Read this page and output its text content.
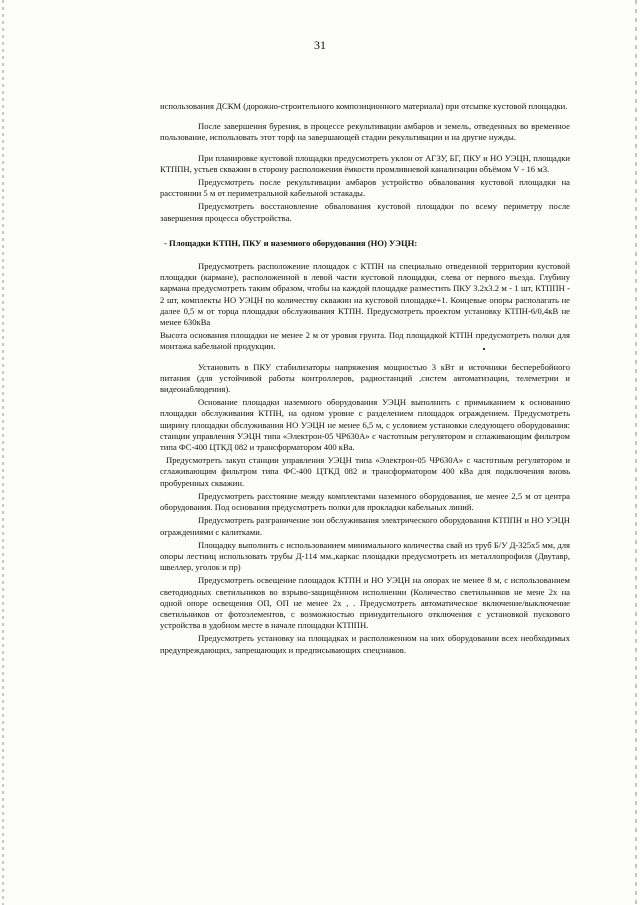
31

использования ДСКМ (дорожно-строительного композиционного материала) при отсыпке кустовой площадки.

После завершения бурения, в процессе рекультивации амбаров и земель, отведенных во временное пользование, использовать этот торф на завершающей стадии рекультивации и на другие нужды.

При планировке кустовой площадки предусмотреть уклон от АГЗУ, БГ, ПКУ и НО УЭЦН, площадки КТППН, устьев скважин в сторону расположения ёмкости промливневой канализации объёмом V - 16 м3.

Предусмотреть после рекультивации амбаров устройство обвалования кустовой площадки на расстоянии 5 м от периметральной кабельной эстакады.

Предусмотреть восстановление обвалования кустовой площадки по всему периметру после завершения процесса обустройства.

- Площадки КТПН, ПКУ и наземного оборудования (НО) УЭЦН:

Предусмотреть расположение площадок с КТПН на специально отведенной территории кустовой площадки (кармане), расположенной в левой части кустовой площадки, слева от первого въезда. Глубину кармана предусмотреть таким образом, чтобы на каждой площадке разместить ПКУ 3.2х3.2 м - 1 шт, КТППН - 2 шт, комплекты НО УЭЦН по количеству скважин на кустовой площадке+1. Концевые опоры располагать не далее 0,5 м от торца площадки обслуживания КТПН. Предусмотреть проектом установку КТПН-6/0,4кВ не менее 630кВа

Высота основания площадки не менее 2 м от уровня грунта. Под площадкой КТПН предусмотреть полки для монтажа кабельной продукции.

Установить в ПКУ стабилизаторы напряжения мощностью 3 кВт и источники бесперебойного питания (для устойчивой работы контроллеров, радиостанций ,систем автоматизации, телеметрии и видеонаблюдения).

Основание площадки наземного оборудования УЭЦН выполнить с примыканием к основанию площадки обслуживания КТПН, на одном уровне с разделением площадок ограждением. Предусмотреть ширину площадки обслуживания НО УЭЦН не менее 6,5 м, с условием установки следующего оборудования: станции управления УЭЦН типа «Электрон-05 ЧР630А» с частотным регулятором и сглаживающим фильтром типа ФС-400 ЦТКД 082 и трансформатором 400 кВа.

Предусмотреть закуп станции управления УЭЦН типа «Электрон-05 ЧР630А» с частотным регулятором и сглаживающим фильтром типа ФС-400 ЦТКД 082 и трансформатором 400 кВа для подключения вновь пробуренных скважин.

Предусмотреть расстояние между комплектами наземного оборудования, не менее 2,5 м от центра оборудования. Под основания предусмотреть полки для прокладки кабельных линий.

Предусмотреть разграничение зон обслуживания электрического оборудования КТППН и НО УЭЦН ограждениями с калитками.

Площадку выполнить с использованием минимального количества свай из труб Б/У Д-325х5 мм, для опоры лестниц использовать трубы Д-114 мм.,каркас площадки предусмотреть из металлопрофиля (Двутавр, швеллер, уголок и пр)

Предусмотреть освещение площадок КТПН и НО УЭЦН на опорах не менее 8 м, с использованием светодиодных светильников во взрыво-защищённом исполнении (Количество светильников не мене 2х на одной опоре освещения ОП, ОП не менее 2х , . Предусмотреть автоматическое включение/выключение светильников от фотоэлементов, с возможностью принудительного отключения с установкой пускового устройства в удобном месте в начале площадки КТППН.

Предусмотреть установку на площадках и расположенном на них оборудовании всех необходимых предупреждающих, запрещающих и предписывающих спецзнаков.
